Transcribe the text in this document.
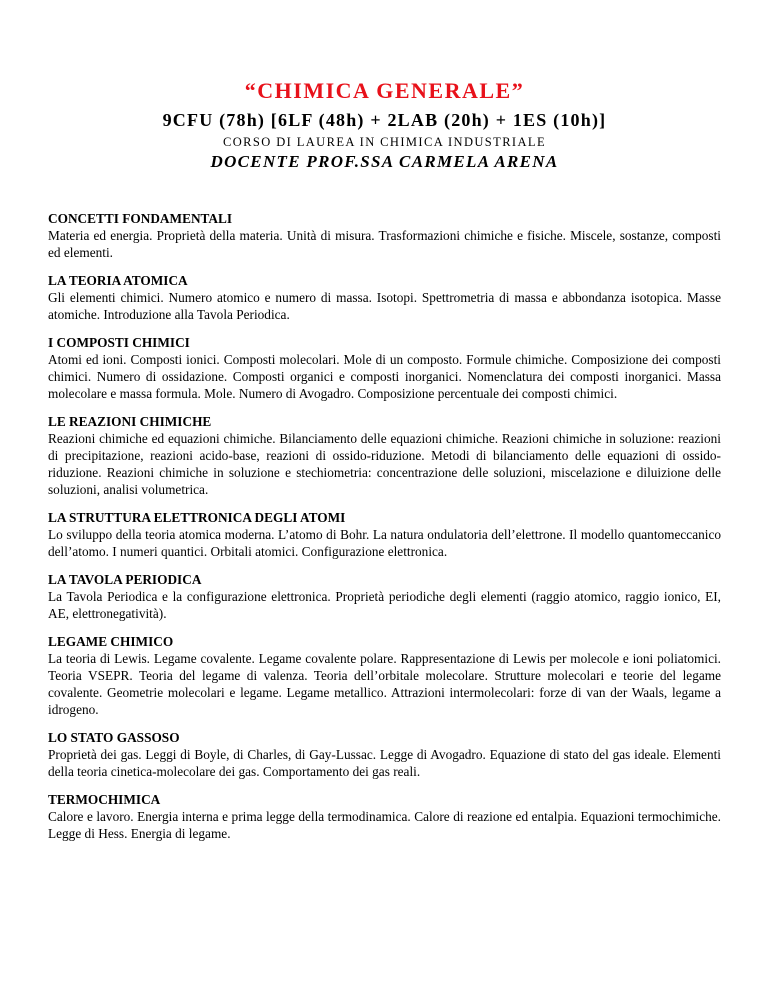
“CHIMICA GENERALE”
9CFU (78h) [6LF (48h) + 2LAB (20h) + 1ES (10h)]
CORSO DI LAUREA IN CHIMICA INDUSTRIALE
DOCENTE PROF.SSA CARMELA ARENA
CONCETTI FONDAMENTALI

Materia ed energia. Proprietà della materia. Unità di misura. Trasformazioni chimiche e fisiche. Miscele, sostanze, composti ed elementi.

LA TEORIA ATOMICA

Gli elementi chimici. Numero atomico e numero di massa. Isotopi. Spettrometria di massa e abbondanza isotopica. Masse atomiche. Introduzione alla Tavola Periodica.

I COMPOSTI CHIMICI

Atomi ed ioni. Composti ionici. Composti molecolari. Mole di un composto. Formule chimiche. Composizione dei composti chimici. Numero di ossidazione. Composti organici e composti inorganici. Nomenclatura dei composti inorganici. Massa molecolare e massa formula. Mole. Numero di Avogadro. Composizione percentuale dei composti chimici.

LE REAZIONI CHIMICHE

Reazioni chimiche ed equazioni chimiche. Bilanciamento delle equazioni chimiche. Reazioni chimiche in soluzione: reazioni di precipitazione, reazioni acido-base, reazioni di ossido-riduzione. Metodi di bilanciamento delle equazioni di ossido-riduzione. Reazioni chimiche in soluzione e stechiometria: concentrazione delle soluzioni, miscelazione e diluizione delle soluzioni, analisi volumetrica.

LA STRUTTURA ELETTRONICA DEGLI ATOMI

Lo sviluppo della teoria atomica moderna. L’atomo di Bohr. La natura ondulatoria dell’elettrone. Il modello quantomeccanico dell’atomo. I numeri quantici. Orbitali atomici. Configurazione elettronica.

LA TAVOLA PERIODICA

La Tavola Periodica e la configurazione elettronica. Proprietà periodiche degli elementi (raggio atomico, raggio ionico, EI, AE, elettronegatività).

LEGAME CHIMICO

La teoria di Lewis. Legame covalente. Legame covalente polare. Rappresentazione di Lewis per molecole e ioni poliatomici. Teoria VSEPR. Teoria del legame di valenza. Teoria dell’orbitale molecolare. Strutture molecolari e teorie del legame covalente. Geometrie molecolari e legame. Legame metallico. Attrazioni intermolecolari: forze di van der Waals, legame a idrogeno.

LO STATO GASSOSO

Proprietà dei gas. Leggi di Boyle, di Charles, di Gay-Lussac. Legge di Avogadro. Equazione di stato del gas ideale. Elementi della teoria cinetica-molecolare dei gas. Comportamento dei gas reali.

TERMOCHIMICA

Calore e lavoro. Energia interna e prima legge della termodinamica. Calore di reazione ed entalpia. Equazioni termochimiche. Legge di Hess. Energia di legame.
